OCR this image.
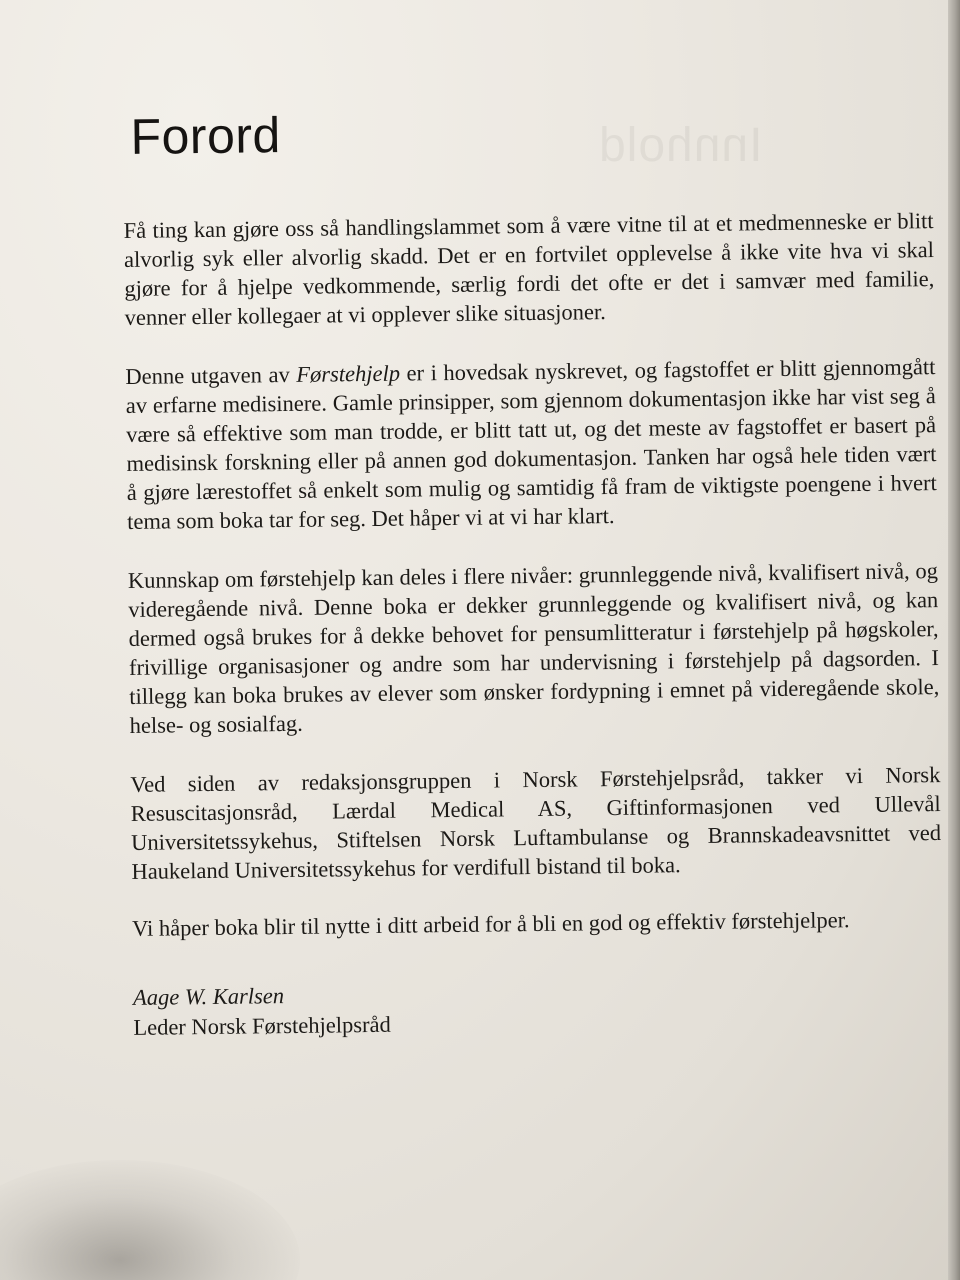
Innhold
Forord

Få ting kan gjøre oss så handlingslammet som å være vitne til at et medmenneske er blitt alvorlig syk eller alvorlig skadd. Det er en fortvilet opplevelse å ikke vite hva vi skal gjøre for å hjelpe vedkommende, særlig fordi det ofte er det i samvær med familie, venner eller kollegaer at vi opplever slike situasjoner.

Denne utgaven av Førstehjelp er i hovedsak nyskrevet, og fagstoffet er blitt gjennomgått av erfarne medisinere. Gamle prinsipper, som gjennom dokumentasjon ikke har vist seg å være så effektive som man trodde, er blitt tatt ut, og det meste av fagstoffet er basert på medisinsk forskning eller på annen god dokumentasjon. Tanken har også hele tiden vært å gjøre lærestoffet så enkelt som mulig og samtidig få fram de viktigste poengene i hvert tema som boka tar for seg. Det håper vi at vi har klart.

Kunnskap om førstehjelp kan deles i flere nivåer: grunnleggende nivå, kvalifisert nivå, og videregående nivå. Denne boka er dekker grunnleggende og kvalifisert nivå, og kan dermed også brukes for å dekke behovet for pensumlitteratur i førstehjelp på høgskoler, frivillige organisasjoner og andre som har undervisning i førstehjelp på dagsorden. I tillegg kan boka brukes av elever som ønsker fordypning i emnet på videregående skole, helse- og sosialfag.

Ved siden av redaksjonsgruppen i Norsk Førstehjelpsråd, takker vi Norsk Resuscitasjonsråd, Lærdal Medical AS, Giftinformasjonen ved Ullevål Universitetssykehus, Stiftelsen Norsk Luftambulanse og Brannskadeavsnittet ved Haukeland Universitetssykehus for verdifull bistand til boka.

Vi håper boka blir til nytte i ditt arbeid for å bli en god og effektiv førstehjelper.

Aage W. Karlsen
Leder Norsk Førstehjelpsråd
